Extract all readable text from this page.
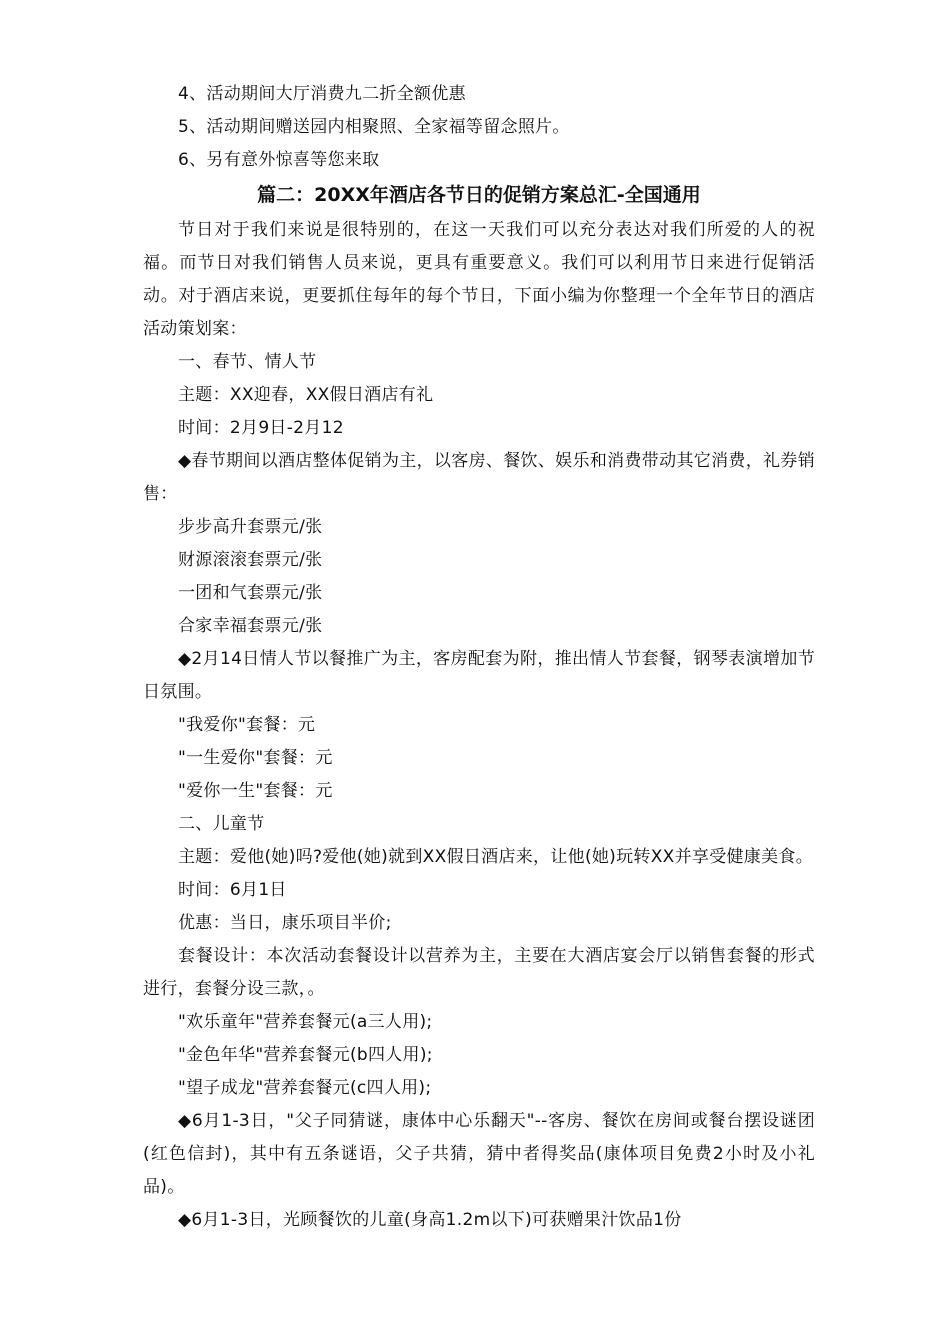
4、活动期间大厅消费九二折全额优惠

5、活动期间赠送园内相聚照、全家福等留念照片。

6、另有意外惊喜等您来取

篇二：20XX年酒店各节日的促销方案总汇-全国通用

节日对于我们来说是很特别的，在这一天我们可以充分表达对我们所爱的人的祝福。而节日对我们销售人员来说，更具有重要意义。我们可以利用节日来进行促销活动。对于酒店来说，更要抓住每年的每个节日，下面小编为你整理一个全年节日的酒店活动策划案：

一、春节、情人节

主题：XX迎春，XX假日酒店有礼

时间：2月9日-2月12

◆春节期间以酒店整体促销为主，以客房、餐饮、娱乐和消费带动其它消费，礼券销售：

步步高升套票元/张

财源滚滚套票元/张

一团和气套票元/张

合家幸福套票元/张

◆2月14日情人节以餐推广为主，客房配套为附，推出情人节套餐，钢琴表演增加节日氛围。

"我爱你"套餐：元

"一生爱你"套餐：元

"爱你一生"套餐：元

二、儿童节

主题：爱他(她)吗?爱他(她)就到XX假日酒店来，让他(她)玩转XX并享受健康美食。

时间：6月1日

优惠：当日，康乐项目半价;

套餐设计：本次活动套餐设计以营养为主，主要在大酒店宴会厅以销售套餐的形式进行，套餐分设三款，。

"欢乐童年"营养套餐元(a三人用);

"金色年华"营养套餐元(b四人用);

"望子成龙"营养套餐元(c四人用);

◆6月1-3日，"父子同猜谜，康体中心乐翻天"--客房、餐饮在房间或餐台摆设谜团(红色信封)，其中有五条谜语，父子共猜，猜中者得奖品(康体项目免费2小时及小礼品)。

◆6月1-3日，光顾餐饮的儿童(身高1.2m以下)可获赠果汁饮品1份
